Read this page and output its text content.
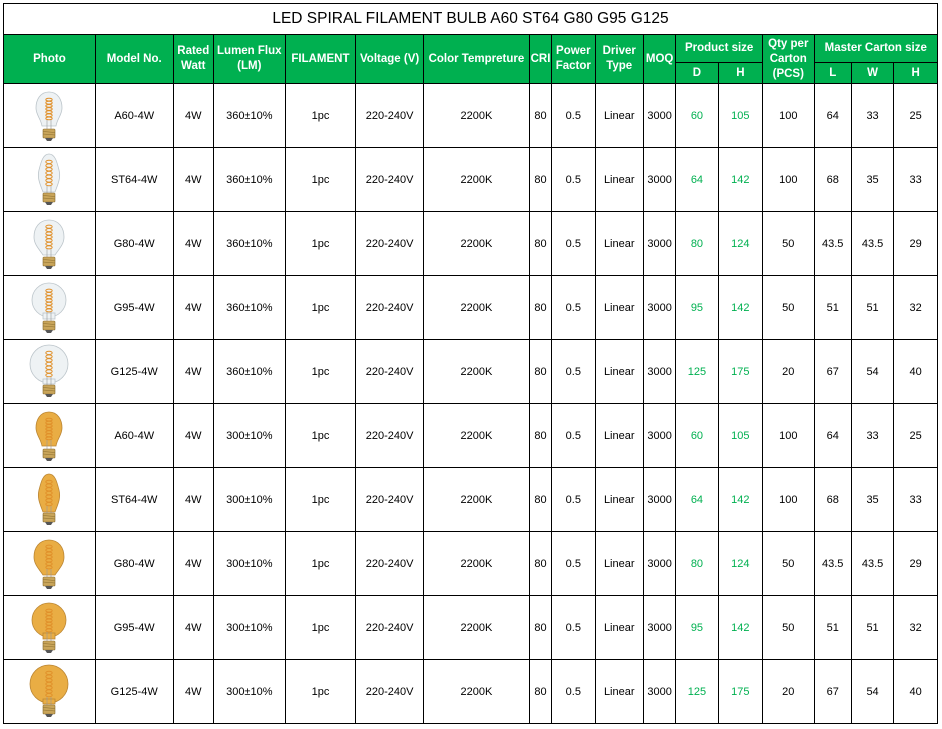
LED SPIRAL FILAMENT BULB A60 ST64 G80 G95 G125																
Photo	Model No.	Rated Watt	Lumen Flux (LM)	FILAMENT	Voltage (V)	Color Tempreture	CRI	Power Factor	Driver Type	MOQ	Product size		Qty per Carton (PCS)	Master Carton size		
											D	H		L	W	H

	A60-4W	4W	360±10%	1pc	220-240V	2200K	80	0.5	Linear	3000	60	105	100	64	33	25

	ST64-4W	4W	360±10%	1pc	220-240V	2200K	80	0.5	Linear	3000	64	142	100	68	35	33

	G80-4W	4W	360±10%	1pc	220-240V	2200K	80	0.5	Linear	3000	80	124	50	43.5	43.5	29

	G95-4W	4W	360±10%	1pc	220-240V	2200K	80	0.5	Linear	3000	95	142	50	51	51	32

	G125-4W	4W	360±10%	1pc	220-240V	2200K	80	0.5	Linear	3000	125	175	20	67	54	40

	A60-4W	4W	300±10%	1pc	220-240V	2200K	80	0.5	Linear	3000	60	105	100	64	33	25

	ST64-4W	4W	300±10%	1pc	220-240V	2200K	80	0.5	Linear	3000	64	142	100	68	35	33

	G80-4W	4W	300±10%	1pc	220-240V	2200K	80	0.5	Linear	3000	80	124	50	43.5	43.5	29

	G95-4W	4W	300±10%	1pc	220-240V	2200K	80	0.5	Linear	3000	95	142	50	51	51	32

	G125-4W	4W	300±10%	1pc	220-240V	2200K	80	0.5	Linear	3000	125	175	20	67	54	40
